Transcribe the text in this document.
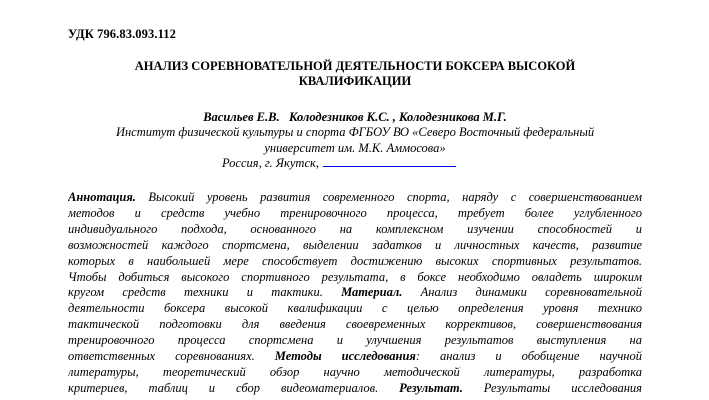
УДК 796.83.093.112
АНАЛИЗ СОРЕВНОВАТЕЛЬНОЙ ДЕЯТЕЛЬНОСТИ БОКСЕРА ВЫСОКОЙ
КВАЛИФИКАЦИИ
Васильев Е.В.   Колодезников К.С. , Колодезникова М.Г.
Институт физической культуры и спорта ФГБОУ ВО «Северо Восточный федеральный
университет им. М.К. Аммосова»
Россия, г. Якутск,
Аннотация. Высокий уровень развития современного спорта, наряду с совершенствованием
методов и средств учебно тренировочного процесса, требует более углубленного
индивидуального подхода, основанного на комплексном изучении способностей и
возможностей каждого спортсмена, выделении задатков и личностных качеств, развитие
которых в наибольшей мере способствует достижению высоких спортивных результатов.
Чтобы добиться высокого спортивного результата, в боксе необходимо овладеть широким
кругом средств техники и тактики. Материал. Анализ динамики соревновательной
деятельности боксера высокой квалификации с целью определения уровня технико
тактической подготовки для введения своевременных коррективов, совершенствования
тренировочного процесса спортсмена и улучшения результатов выступления на
ответственных соревнованиях. Методы исследования: анализ и обобщение научной
литературы, теоретический обзор научно методической литературы, разработка
критериев, таблиц и сбор видеоматериалов. Результат. Результаты исследования
